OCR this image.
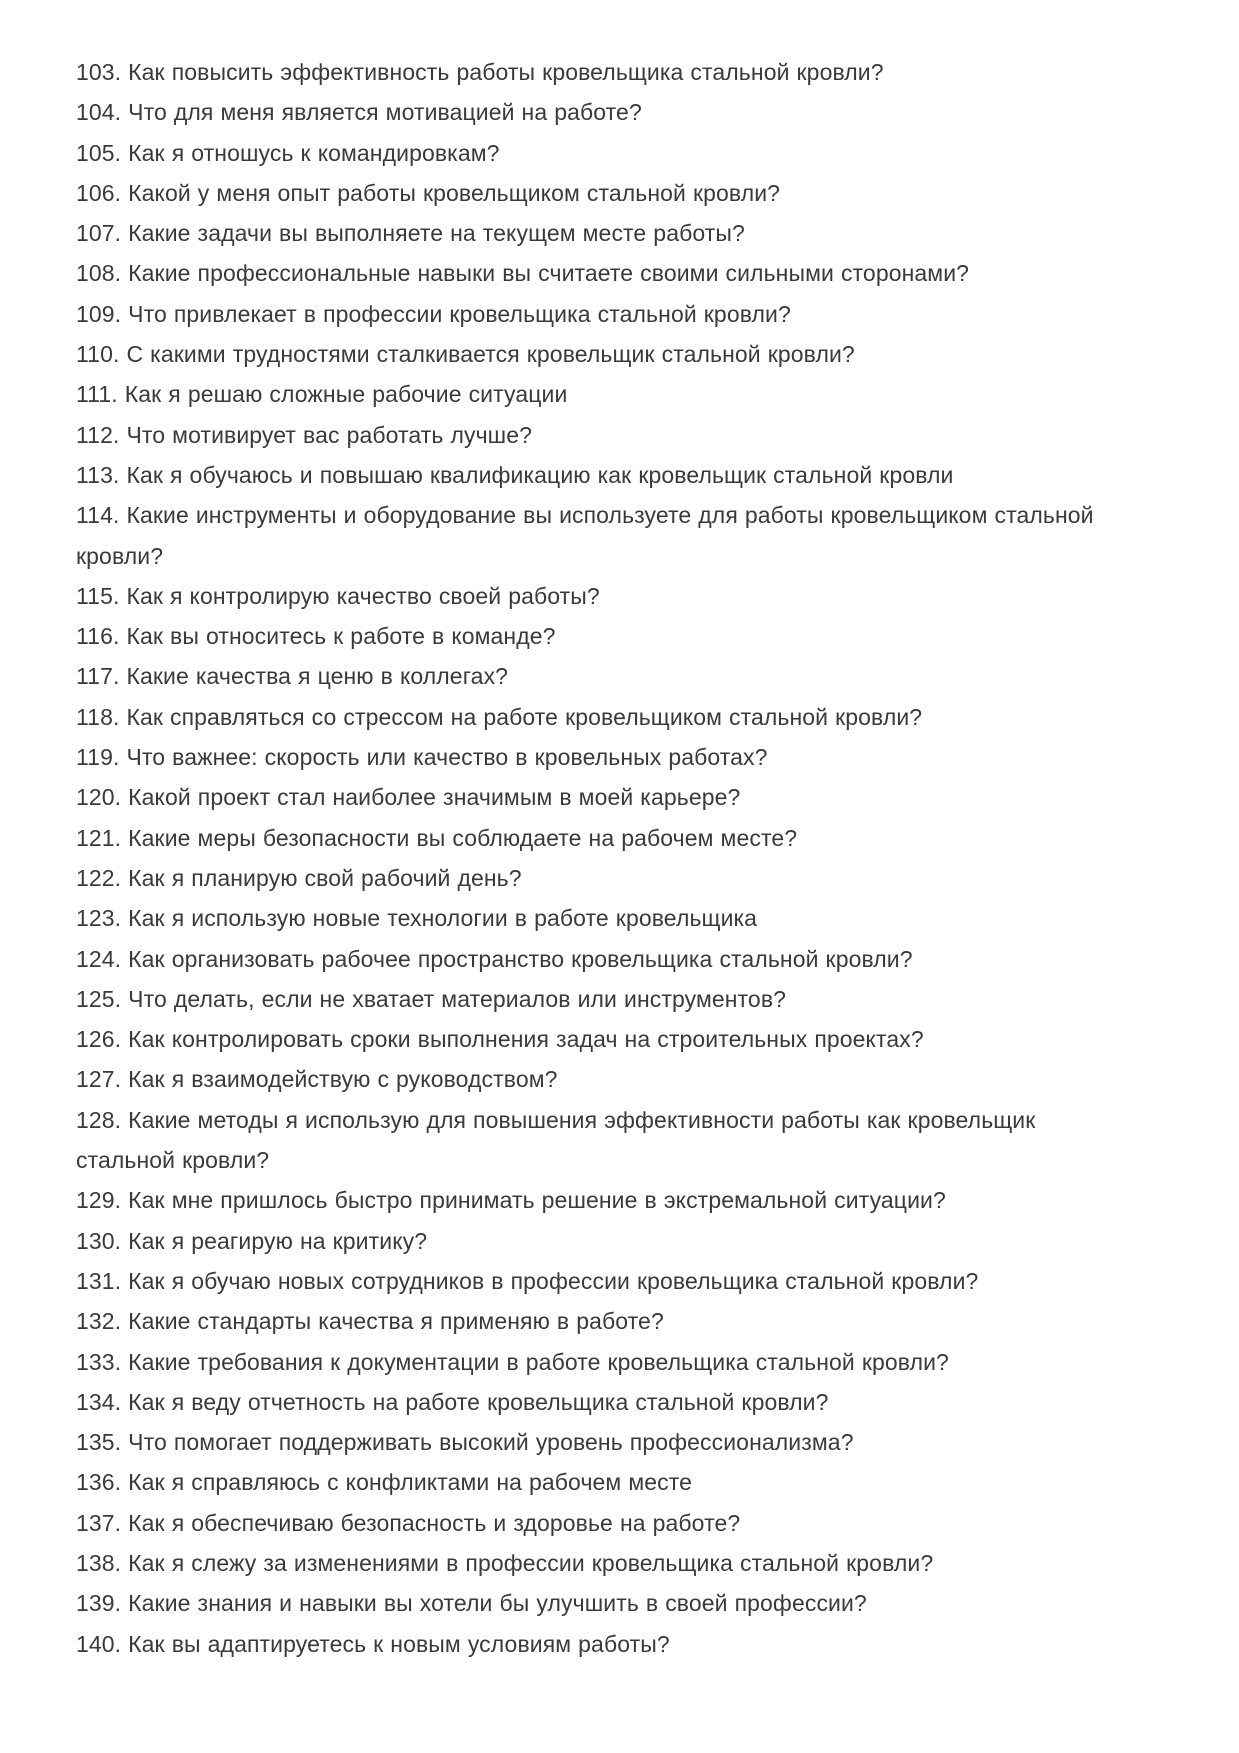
103. Как повысить эффективность работы кровельщика стальной кровли?

104. Что для меня является мотивацией на работе?

105. Как я отношусь к командировкам?

106. Какой у меня опыт работы кровельщиком стальной кровли?

107. Какие задачи вы выполняете на текущем месте работы?

108. Какие профессиональные навыки вы считаете своими сильными сторонами?

109. Что привлекает в профессии кровельщика стальной кровли?

110. С какими трудностями сталкивается кровельщик стальной кровли?

111. Как я решаю сложные рабочие ситуации

112. Что мотивирует вас работать лучше?

113. Как я обучаюсь и повышаю квалификацию как кровельщик стальной кровли

114. Какие инструменты и оборудование вы используете для работы кровельщиком стальной кровли?

115. Как я контролирую качество своей работы?

116. Как вы относитесь к работе в команде?

117. Какие качества я ценю в коллегах?

118. Как справляться со стрессом на работе кровельщиком стальной кровли?

119. Что важнее: скорость или качество в кровельных работах?

120. Какой проект стал наиболее значимым в моей карьере?

121. Какие меры безопасности вы соблюдаете на рабочем месте?

122. Как я планирую свой рабочий день?

123. Как я использую новые технологии в работе кровельщика

124. Как организовать рабочее пространство кровельщика стальной кровли?

125. Что делать, если не хватает материалов или инструментов?

126. Как контролировать сроки выполнения задач на строительных проектах?

127. Как я взаимодействую с руководством?

128. Какие методы я использую для повышения эффективности работы как кровельщик стальной кровли?

129. Как мне пришлось быстро принимать решение в экстремальной ситуации?

130. Как я реагирую на критику?

131. Как я обучаю новых сотрудников в профессии кровельщика стальной кровли?

132. Какие стандарты качества я применяю в работе?

133. Какие требования к документации в работе кровельщика стальной кровли?

134. Как я веду отчетность на работе кровельщика стальной кровли?

135. Что помогает поддерживать высокий уровень профессионализма?

136. Как я справляюсь с конфликтами на рабочем месте

137. Как я обеспечиваю безопасность и здоровье на работе?

138. Как я слежу за изменениями в профессии кровельщика стальной кровли?

139. Какие знания и навыки вы хотели бы улучшить в своей профессии?

140. Как вы адаптируетесь к новым условиям работы?
